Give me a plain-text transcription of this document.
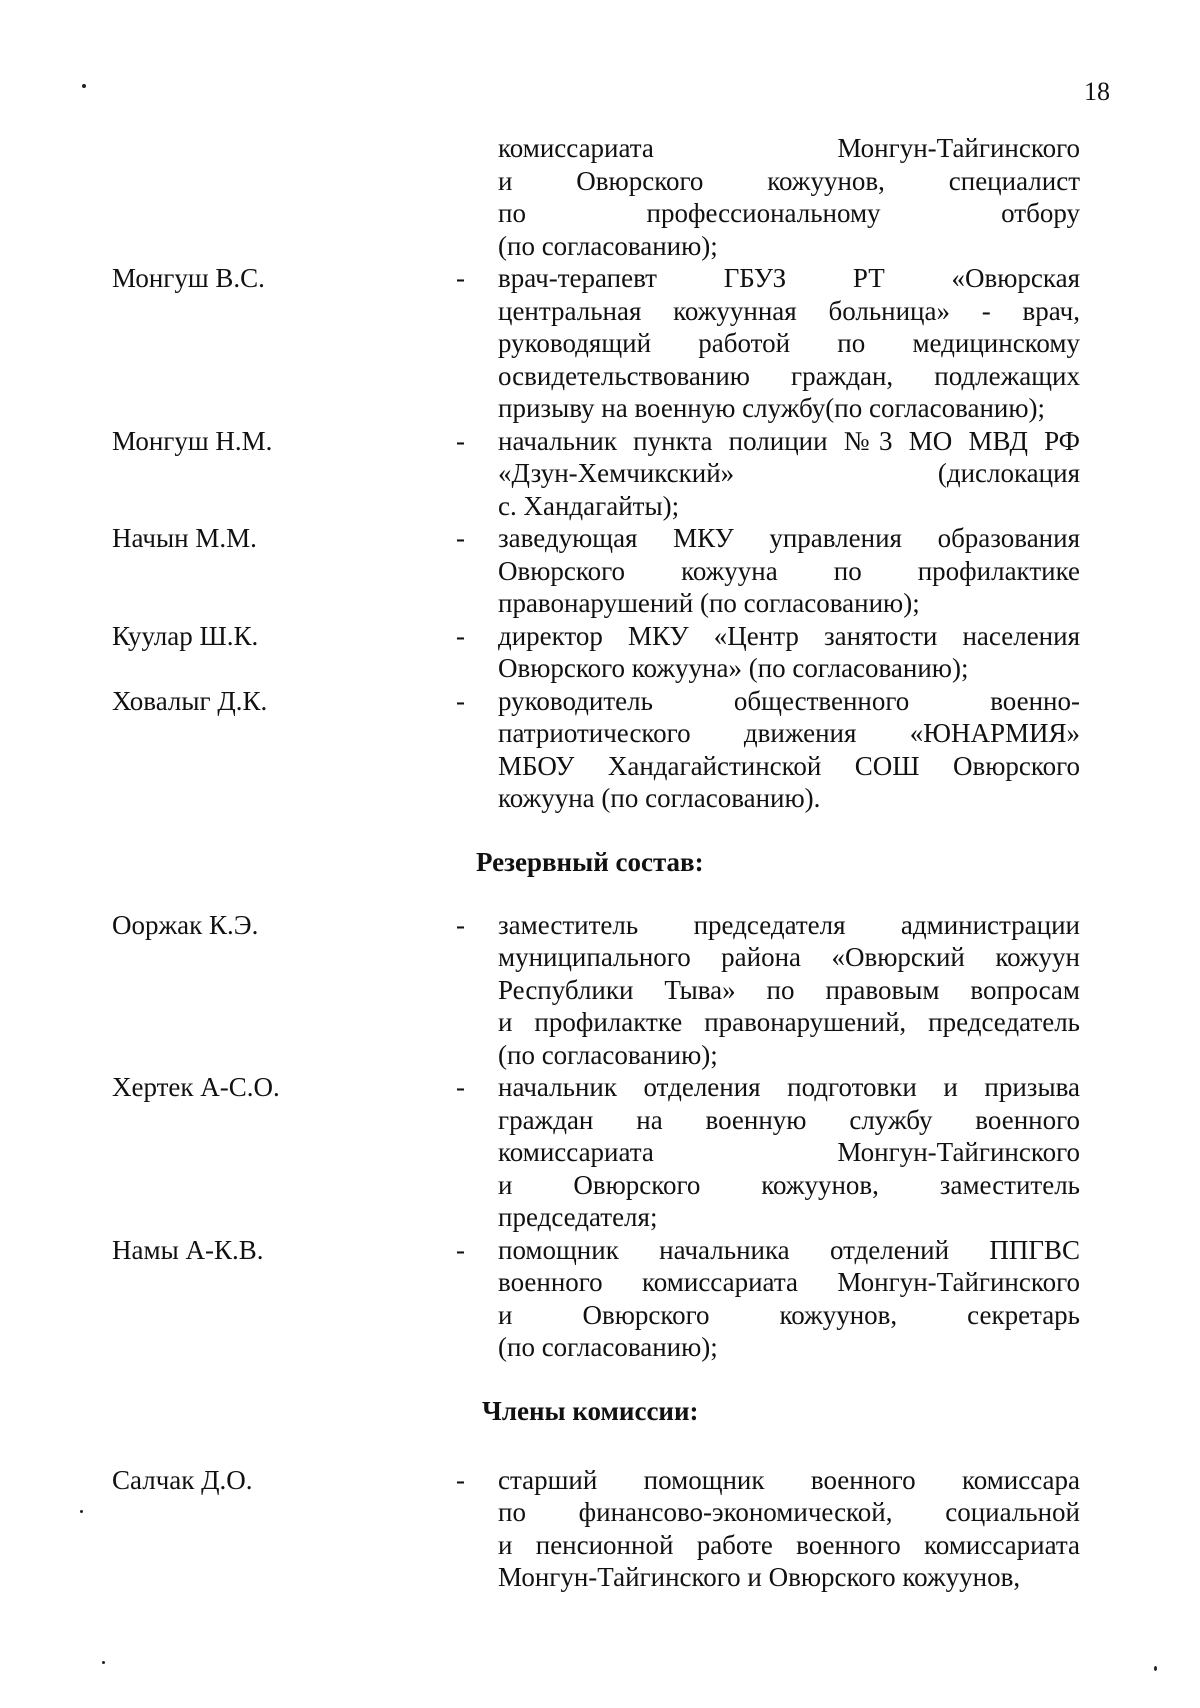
18
комиссариата Монгун-Тайгинского
и Овюрского кожуунов, специалист
по профессиональному отбору
(по согласованию);
Монгуш В.С.	- врач-терапевт ГБУЗ РТ «Овюрская
центральная кожуунная больница» - врач,
руководящий работой по медицинскому
освидетельствованию граждан, подлежащих
призыву на военную службу(по согласованию);
Монгуш Н.М.	- начальник пункта полиции №3 МО МВД РФ
«Дзун-Хемчикский» (дислокация
с. Хандагайты);
Начын М.М.	- заведующая МКУ управления образования
Овюрского кожууна по профилактике
правонарушений (по согласованию);
Куулар Ш.К.	- директор МКУ «Центр занятости населения
Овюрского кожууна» (по согласованию);
Ховалыг Д.К.	- руководитель общественного военно-
патриотического движения «ЮНАРМИЯ»
МБОУ Хандагайстинской СОШ Овюрского
кожууна (по согласованию).
Резервный состав:
Ооржак К.Э.	- заместитель председателя администрации
муниципального района «Овюрский кожуун
Республики Тыва» по правовым вопросам
и профилактке правонарушений, председатель
(по согласованию);
Хертек А-С.О.	- начальник отделения подготовки и призыва
граждан на военную службу военного
комиссариата Монгун-Тайгинского
и Овюрского кожуунов, заместитель
председателя;
Намы А-К.В.	- помощник начальника отделений ППГВС
военного комиссариата Монгун-Тайгинского
и Овюрского кожуунов, секретарь
(по согласованию);
Члены комиссии:
Салчак Д.О.	- старший помощник военного комиссара
по финансово-экономической, социальной
и пенсионной работе военного комиссариата
Монгун-Тайгинского и Овюрского кожуунов,
